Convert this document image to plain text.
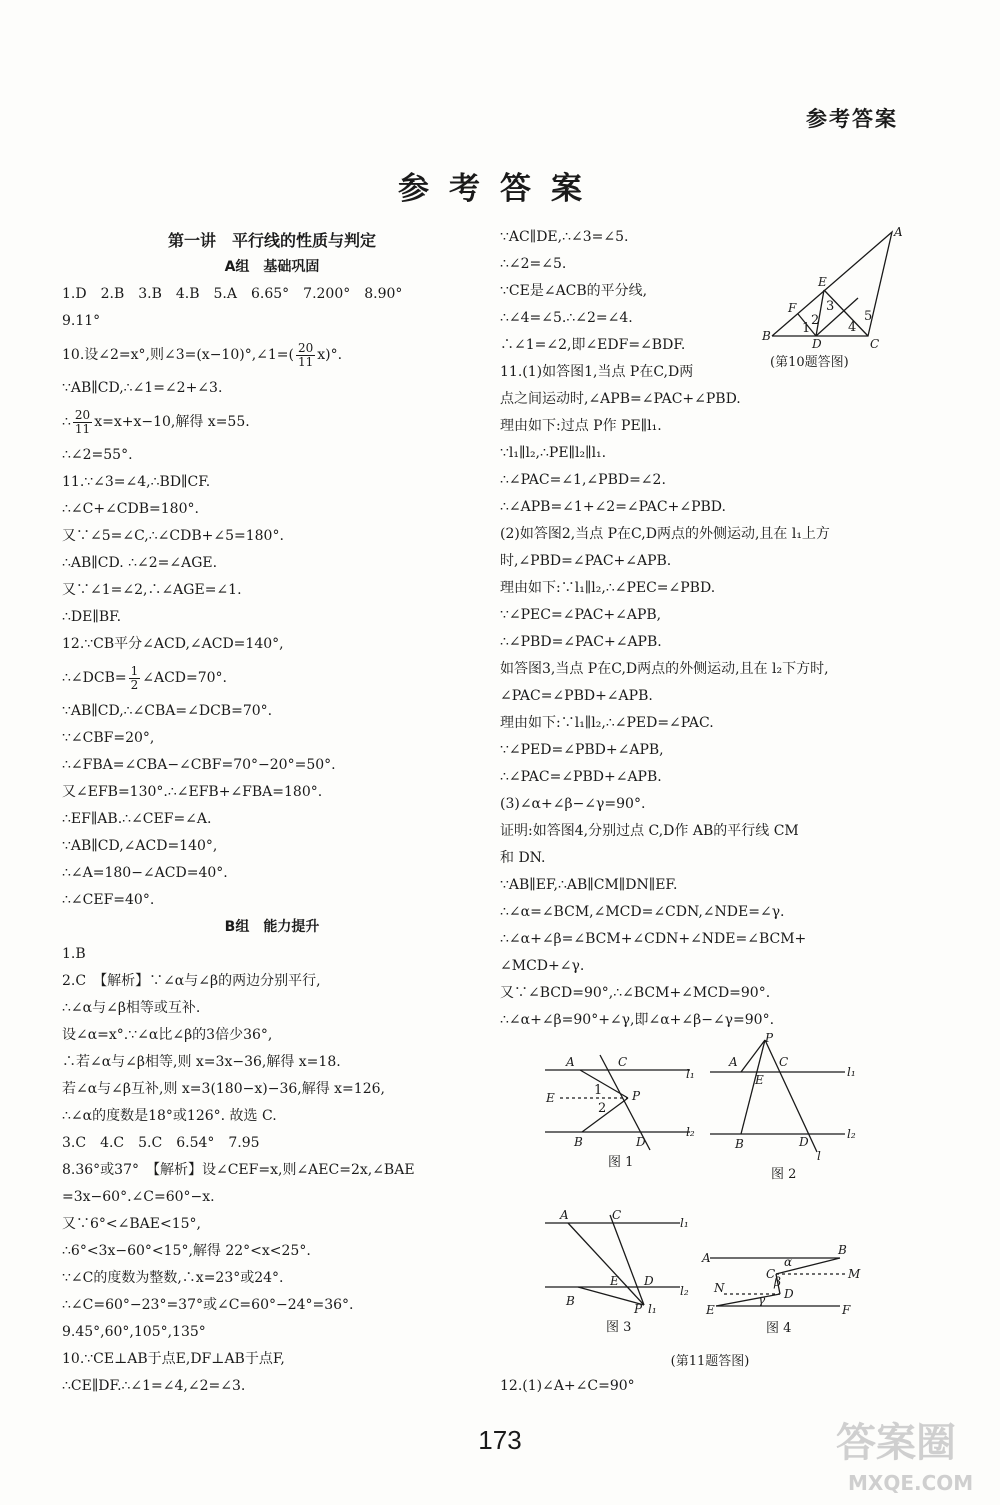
参考答案
参考答案
第一讲　平行线的性质与判定
A组　基础巩固
1.D　2.B　3.B　4.B　5.A　6.65°　7.200°　8.90°
9.11°
10.设∠2=x°,则∠3=(x−10)°,∠1=( $\frac{20}{11} x)^\circ$.
∵AB∥CD,∴∠1=∠2+∠3.
∴ $\frac{20}{11} x=x+x-10$,解得 x=55.
∴∠2=55°.
11.∵∠3=∠4,∴BD∥CF.
∴∠C+∠CDB=180°.
又∵∠5=∠C,∴∠CDB+∠5=180°.
∴AB∥CD. ∴∠2=∠AGE.
又∵∠1=∠2,∴∠AGE=∠1.
∴DE∥BF.
12.∵CB平分∠ACD,∠ACD=140°,
∴∠DCB= $\frac{1}{2}$ ∠ACD=70°.
∵AB∥CD,∴∠CBA=∠DCB=70°.
∵∠CBF=20°,
∴∠FBA=∠CBA−∠CBF=70°−20°=50°.
又∠EFB=130°.∴∠EFB+∠FBA=180°.
∴EF∥AB.∴∠CEF=∠A.
∵AB∥CD,∠ACD=140°,
∴∠A=180−∠ACD=40°.
∴∠CEF=40°.
B组　能力提升
1.B
2.C　【解析】∵∠α与∠β的两边分别平行,
∴∠α与∠β相等或互补.
设∠α=x°.∵∠α比∠β的3倍少36°,
∴若∠α与∠β相等,则 x=3x−36,解得 x=18.
若∠α与∠β互补,则 x=3(180−x)−36,解得 x=126,
∴∠α的度数是18°或126°. 故选 C.
3.C　4.C　5.C　6.54°　7.95
8.36°或37°　【解析】设∠CEF=x,则∠AEC=2x,∠BAE
=3x−60°.∠C=60°−x.
又∵6°<∠BAE<15°,
∴6°<3x−60°<15°,解得 22°<x<25°.
∵∠C的度数为整数,∴x=23°或24°.
∴∠C=60°−23°=37°或∠C=60°−24°=36°.
9.45°,60°,105°,135°
10.∵CE⊥AB于点E,DF⊥AB于点F,
∴CE∥DF.∴∠1=∠4,∠2=∠3.
∵AC∥DE,∴∠3=∠5.
∴∠2=∠5.
∵CE是∠ACB的平分线,
∴∠4=∠5.∴∠2=∠4.
∴∠1=∠2,即∠EDF=∠BDF.
11.(1)如答图1,当点 P在C,D两
点之间运动时,∠APB=∠PAC+∠PBD.
理由如下:过点 P作 PE∥l₁.
∵l₁∥l₂,∴PE∥l₂∥l₁.
∴∠PAC=∠1,∠PBD=∠2.
∴∠APB=∠1+∠2=∠PAC+∠PBD.
(2)如答图2,当点 P在C,D两点的外侧运动,且在 l₁上方
时,∠PBD=∠PAC+∠APB.
理由如下:∵l₁∥l₂,∴∠PEC=∠PBD.
∵∠PEC=∠PAC+∠APB,
∴∠PBD=∠PAC+∠APB.
如答图3,当点 P在C,D两点的外侧运动,且在 l₂下方时,
∠PAC=∠PBD+∠APB.
理由如下:∵l₁∥l₂,∴∠PED=∠PAC.
∵∠PED=∠PBD+∠APB,
∴∠PAC=∠PBD+∠APB.
(3)∠α+∠β−∠γ=90°.
证明:如答图4,分别过点 C,D作 AB的平行线 CM
和 DN.
∵AB∥EF,∴AB∥CM∥DN∥EF.
∴∠α=∠BCM,∠MCD=∠CDN,∠NDE=∠γ.
∴∠α+∠β=∠BCM+∠CDN+∠NDE=∠BCM+
∠MCD+∠γ.
又∵∠BCD=90°,∴∠BCM+∠MCD=90°.
∴∠α+∠β=90°+∠γ,即∠α+∠β−∠γ=90°.
A
B
C
D
E
F
1
2
3
4
5
(第10题答图)
A	C
l₁
E	P
1
2
B	D
l₂
图 1
P
A	C
l₁
E
B	D
l₂
l
图 2
A	C
l₁
E D
l₂
B
P l₁
图 3
A
B
α
C
β
M
N	D
γ
E	F
图 4
(第11题答图)
12.(1)∠A+∠C=90°
173	答案圈
MXQE.COM
